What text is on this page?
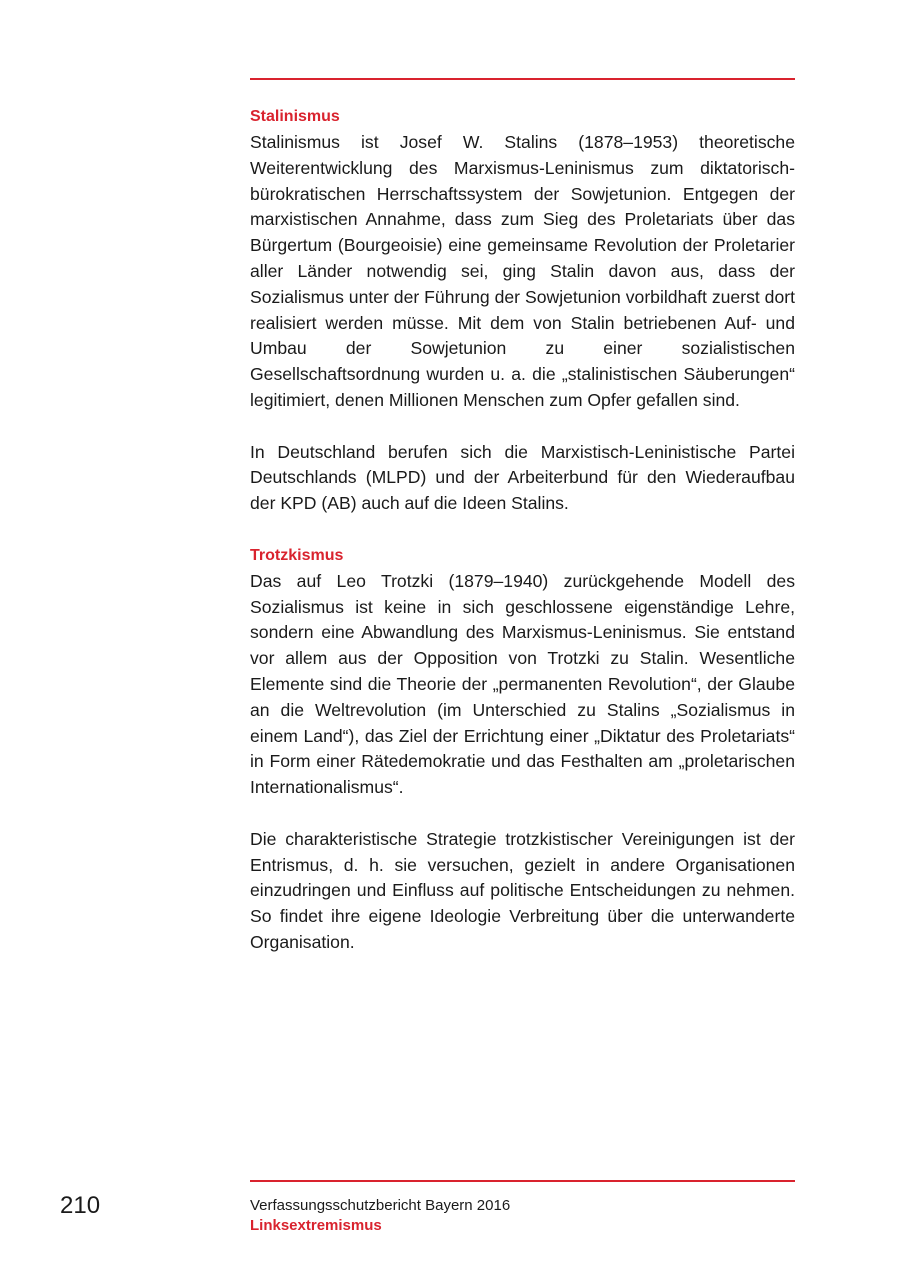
Stalinismus

Stalinismus ist Josef W. Stalins (1878–1953) theoretische Weiterentwicklung des Marxismus-Leninismus zum diktatorisch-bürokratischen Herrschaftssystem der Sowjetunion. Entgegen der marxistischen Annahme, dass zum Sieg des Proletariats über das Bürgertum (Bourgeoisie) eine gemeinsame Revolution der Proletarier aller Länder notwendig sei, ging Stalin davon aus, dass der Sozialismus unter der Führung der Sowjetunion vorbildhaft zuerst dort realisiert werden müsse. Mit dem von Stalin betriebenen Auf- und Umbau der Sowjetunion zu einer sozialistischen Gesellschaftsordnung wurden u. a. die „stalinistischen Säuberungen“ legitimiert, denen Millionen Menschen zum Opfer gefallen sind.

In Deutschland berufen sich die Marxistisch-Leninistische Partei Deutschlands (MLPD) und der Arbeiterbund für den Wiederaufbau der KPD (AB) auch auf die Ideen Stalins.

Trotzkismus

Das auf Leo Trotzki (1879–1940) zurückgehende Modell des Sozialismus ist keine in sich geschlossene eigenständige Lehre, sondern eine Abwandlung des Marxismus-Leninismus. Sie entstand vor allem aus der Opposition von Trotzki zu Stalin. Wesentliche Elemente sind die Theorie der „permanenten Revolution“, der Glaube an die Weltrevolution (im Unterschied zu Stalins „Sozialismus in einem Land“), das Ziel der Errichtung einer „Diktatur des Proletariats“ in Form einer Rätedemokratie und das Festhalten am „proletarischen Internationalismus“.

Die charakteristische Strategie trotzkistischer Vereinigungen ist der Entrismus, d. h. sie versuchen, gezielt in andere Organisationen einzudringen und Einfluss auf politische Entscheidungen zu nehmen. So findet ihre eigene Ideologie Verbreitung über die unterwanderte Organisation.

210	Verfassungsschutzbericht Bayern 2016
Linksextremismus
